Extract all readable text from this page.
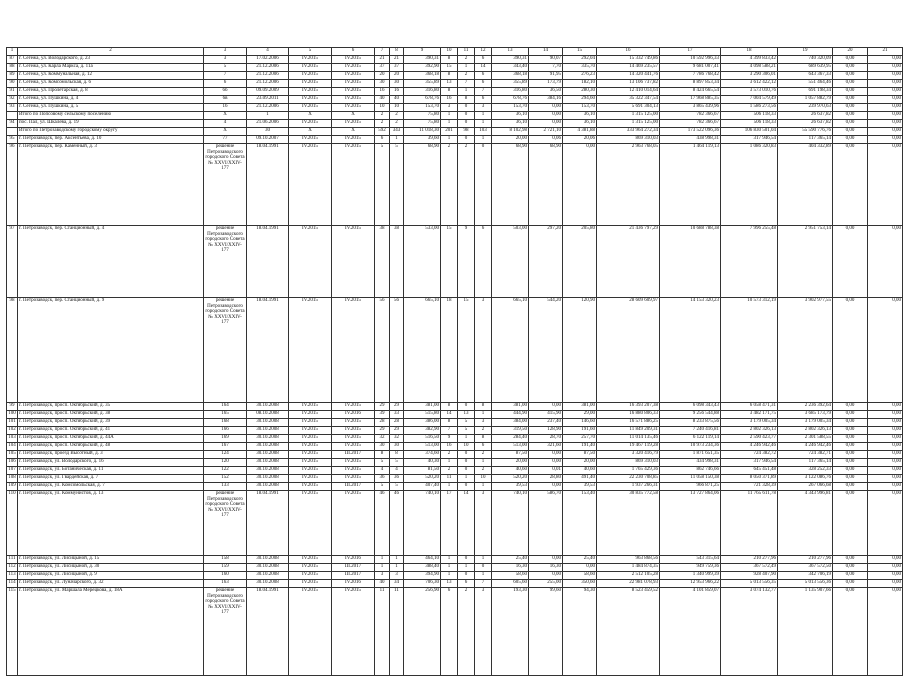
1	2	3	4	5	6	7	8	9	10	11	12	13	14	15	16	17	18	19	20	21
87	г. Сегежа, ул. Володарского, д. 23	3	17.02.2006	IV.2015	IV.2015	21	21	390,31	8	2	6	390,31	90,07	292,04	15 332 749,86	10 592 996,33	4 399 833,42	740 320,09	0,00	0,00
88	г. Сегежа, ул. Карла Маркса, д. 11а	5	21.12.2006	IV.2015	IV.2015	37	37	392,90	15	1	14	343,40	7,70	335,70	14 469 235,57	9 681 007,41	4 098 588,21	689 639,95	0,00	0,00
89	г. Сегежа, ул. Коммунальная, д. 12	7	21.12.2006	IV.2015	IV.2015	20	20	368,18	8	2	6	368,18	91,95	276,23	14 320 441,76	7 786 768,42	3 290 306,01	643 367,33	0,00	0,00
90	г. Сегежа, ул. Комсомольская, д. 6	6	21.12.2006	IV.2015	IV.2015	30	30	355,89	13	7	6	355,89	173,79	182,10	13 106 737,82	8 897 853,34	3 612 422,12	551 464,46	0,00	0,00
91	г. Сегежа, ул. Пролетарская, д. 8	6б	09.09.2009	IV.2015	IV.2015	16	16	316,80	8	1	7	316,80	36,50	280,30	12 410 014,64	8 424 665,54	3 573 010,76	691 198,34	0,00	0,00
92	г. Сегежа, ул. Пушкина, д. 4	6в	23.09.2011	IV.2015	IV.2015	40	40	678,76	16	8	6	678,76	384,16	294,60	35 322 347,54	17 968 885,35	7 004 579,49	1 057 882,79	0,00	0,00
93	г. Сегежа, ул. Пушкина, д. 5	16	21.12.2006	IV.2015	IV.2015	10	10	153,70	3	0	3	153,70	0,00	153,70	5 691 304,13	3 865 439,96	1 586 273,56	239 970,63	0,00	0,00
	Итого по Попсовому сельскому поселению	Х	1	Х	Х	2	2	75,80	1	0	1	36,10	0,00	36,10	1 315 125,00	782 366,67	506 118,33	26 637,82	0,00	0,00
94	пос. Пал, ул. Шкалева, д. 19	4	21.06.2006	IV.2015	IV.2015	2	2	75,80	1	0	1	36,10	0,00	36,10	1 315 125,00	782 366,67	506 118,33	26 637,82	0,00	0,00
	Итого по Петрозаводскому городскому округу	Х	30	Х	Х	592	343	11 018,30	201	98	103	8 102,98	2 721,10	4 381,88	333 964 272,34	173 522 096,36	106 830 501,04	55 590 776,76	0,00	0,00
95	г. Петрозаводск, пер. Аксентьева, д. 10	77	09.10.2007	IV.2015	IV.2015	6	1	39,60	1	0	1	20,00	0,06	20,06	869 310,03	438 998,31	317 946,54	117 365,14	0,00	0,00
96	г. Петрозаводск, пер. Каменный, д. 3	решение Петрозаводского городского Совета № XXVI/XXIV-177	18.04.1991	IV.2015	IV.2015	5	5	68,90	2	2	0	68,90	68,90	0,00	2 963 768,05	1 464 119,13	1 086 320,83	404 332,89	0,00	0,00
97	г. Петрозаводск, пер. Станционный, д. 4	решение Петрозаводского городского Совета № XXVI/XXIV-177	18.04.1991	IV.2015	IV.2015	38	38	533,00	15	9	6	503,00	297,20	205,80	21 436 797,29	10 688 788,38	7 996 255,48	2 951 753,14	0,00	0,00
98	г. Петрозаводск, пер. Станционный, д. 9	решение Петрозаводского городского Совета № XXVI/XXIV-177	18.04.1991	IV.2015	IV.2015	56	56	665,10	18	15	3	665,10	544,20	120,90	28 609 609,97	14 153 320,23	10 573 312,19	3 902 977,55	0,00	0,00
99	г. Петрозаводск, просп. Октябрьский, д. 35	164	30.10.2008	IV.2015	IV.2015	29	29	381,00	8	0	8	381,00	0,00	381,00	16 393 207,38	6 098 343,43	6 058 471,31	2 236 392,64	0,00	0,00
100	г. Петрозаводск, просп. Октябрьский, д. 38	165	08.10.2008	IV.2015	IV.2016	39	33	515,80	14	13	1	444,90	415,90	29,00	16 880 806,33	9 256 544,88	3 482 171,75	3 685 173,79	0,00	0,00
101	г. Петрозаводск, просп. Октябрьский, д. 39	168	30.10.2008	IV.2015	IV.2015	28	28	386,00	8	5	3	384,00	237,40	146,60	16 571 886,25	8 233 875,56	3 179 005,34	3 179 005,34	0,00	0,00
102	г. Петрозаводск, просп. Октябрьский, д. 41	166	30.10.2008	IV.2015	IV.2015	29	29	382,90	7	5	2	319,50	128,90	191,60	11 849 209,31	7 240 416,81	2 802 326,13	2 802 326,13	0,00	0,00
103	г. Петрозаводск, просп. Октябрьский, д. 44А	169	30.10.2008	IV.2015	IV.2015	32	32	516,50	9	1	8	284,40	28,70	257,70	11 014 135,46	6 122 119,14	2 590 423,77	2 301 588,55	0,00	0,00
104	г. Петрозаводск, просп. Октябрьский, д. 48	167	30.10.2008	IV.2015	IV.2015	30	30	513,00	16	10	6	513,00	321,60	191,40	19 467 119,28	10 973 234,36	4 246 942,46	4 246 942,46	0,00	0,00
105	г. Петрозаводск, проезд Высотный, д. 3	124	30.10.2008	IV.2015	III.2017	8	8	374,60	2	0	2	87,50	0,00	87,50	3 320 416,79	1 871 651,35	724 382,72	724 382,71	0,00	0,00
106	г. Петрозаводск, ул. Володарского, д. 16	120	30.10.2008	IV.2015	IV.2015	5	5	40,30	1	0	1	20,00	0,00	20,00	869 310,03	434 998,31	317 946,54	117 365,14	0,00	0,00
107	г. Петрозаводск, ул. Ботаническая, д. 11	122	30.10.2008	IV.2015	IV.2015	4	4	81,50	2	0	2	40,60	0,01	40,60	1 765 429,36	862 746,66	645 451,48	328 252,33	0,00	0,00
108	г. Петрозаводск, ул. Гвардейская, д. 7	152	30.10.2008	IV.2015	IV.2015	36	36	520,20	11	1	10	520,20	28,80	491,40	22 230 708,85	11 058 150,38	8 050 371,89	3 122 086,76	0,00	0,00
109	г. Петрозаводск, ул. Комсомольская, д. 7	133	30.10.2008	IV.2015	III.2017	5	5	407,40	1	0	1	39,53	0,00	39,53	1 937 266,31	966 871,25	721 328,39	267 066,68	0,00	0,00
110	г. Петрозаводск, ул. Коммунистов, д. 13	решение Петрозаводского городского Совета № XXVI/XXIV-177	18.04.1991	IV.2015	IV.2015	46	46	740,10	17	14	3	740,10	586,70	153,40	30 835 772,58	13 727 864,06	11 765 611,78	4 343 996,81	0,00	0,00
111	г. Петрозаводск, ул. Лисицыной, д. 15	158	30.10.2008	IV.2015	IV.2016	1	1	464,10	1	0	1	25,40	0,00	25,40	963 868,56	543 315,64	210 277,96	210 277,96	0,00	0,00
112	г. Петрозаводск, ул. Лисицыной, д. 30	159	30.10.2008	IV.2015	III.2017	1	1	388,40	1	1	0	16,30	16,30	0,00	1 484 874,35	949 759,36	367 572,49	367 572,50	0,00	0,00
113	г. Петрозаводск, ул. Лисицыной, д. 9	160	30.10.2008	IV.2015	III.2017	3	3	394,90	1	0	1	58,60	0,00	58,60	2 512 105,28	1 340 999,39	928 407,90	342 706,19	0,00	0,00
114	г. Петрозаводск, ул. Луначарского, д. 32	163	30.10.2008	IV.2015	IV.2016	40	34	706,30	13	6	7	605,60	255,00	350,60	22 981 078,93	12 953 966,22	5 013 556,35	5 013 556,36	0,00	0,00
115	г. Петрозаводск, ул. Маршала Мерецкова, д. 18А	решение Петрозаводского городского Совета № XXVI/XXIV-177	18.04.1991	IV.2015	IV.2015	11	11	256,90	6	2	3	193,30	99,60	94,30	8 523 459,52	4 101 859,07	3 074 132,77	1 135 907,66	0,00	0,00
